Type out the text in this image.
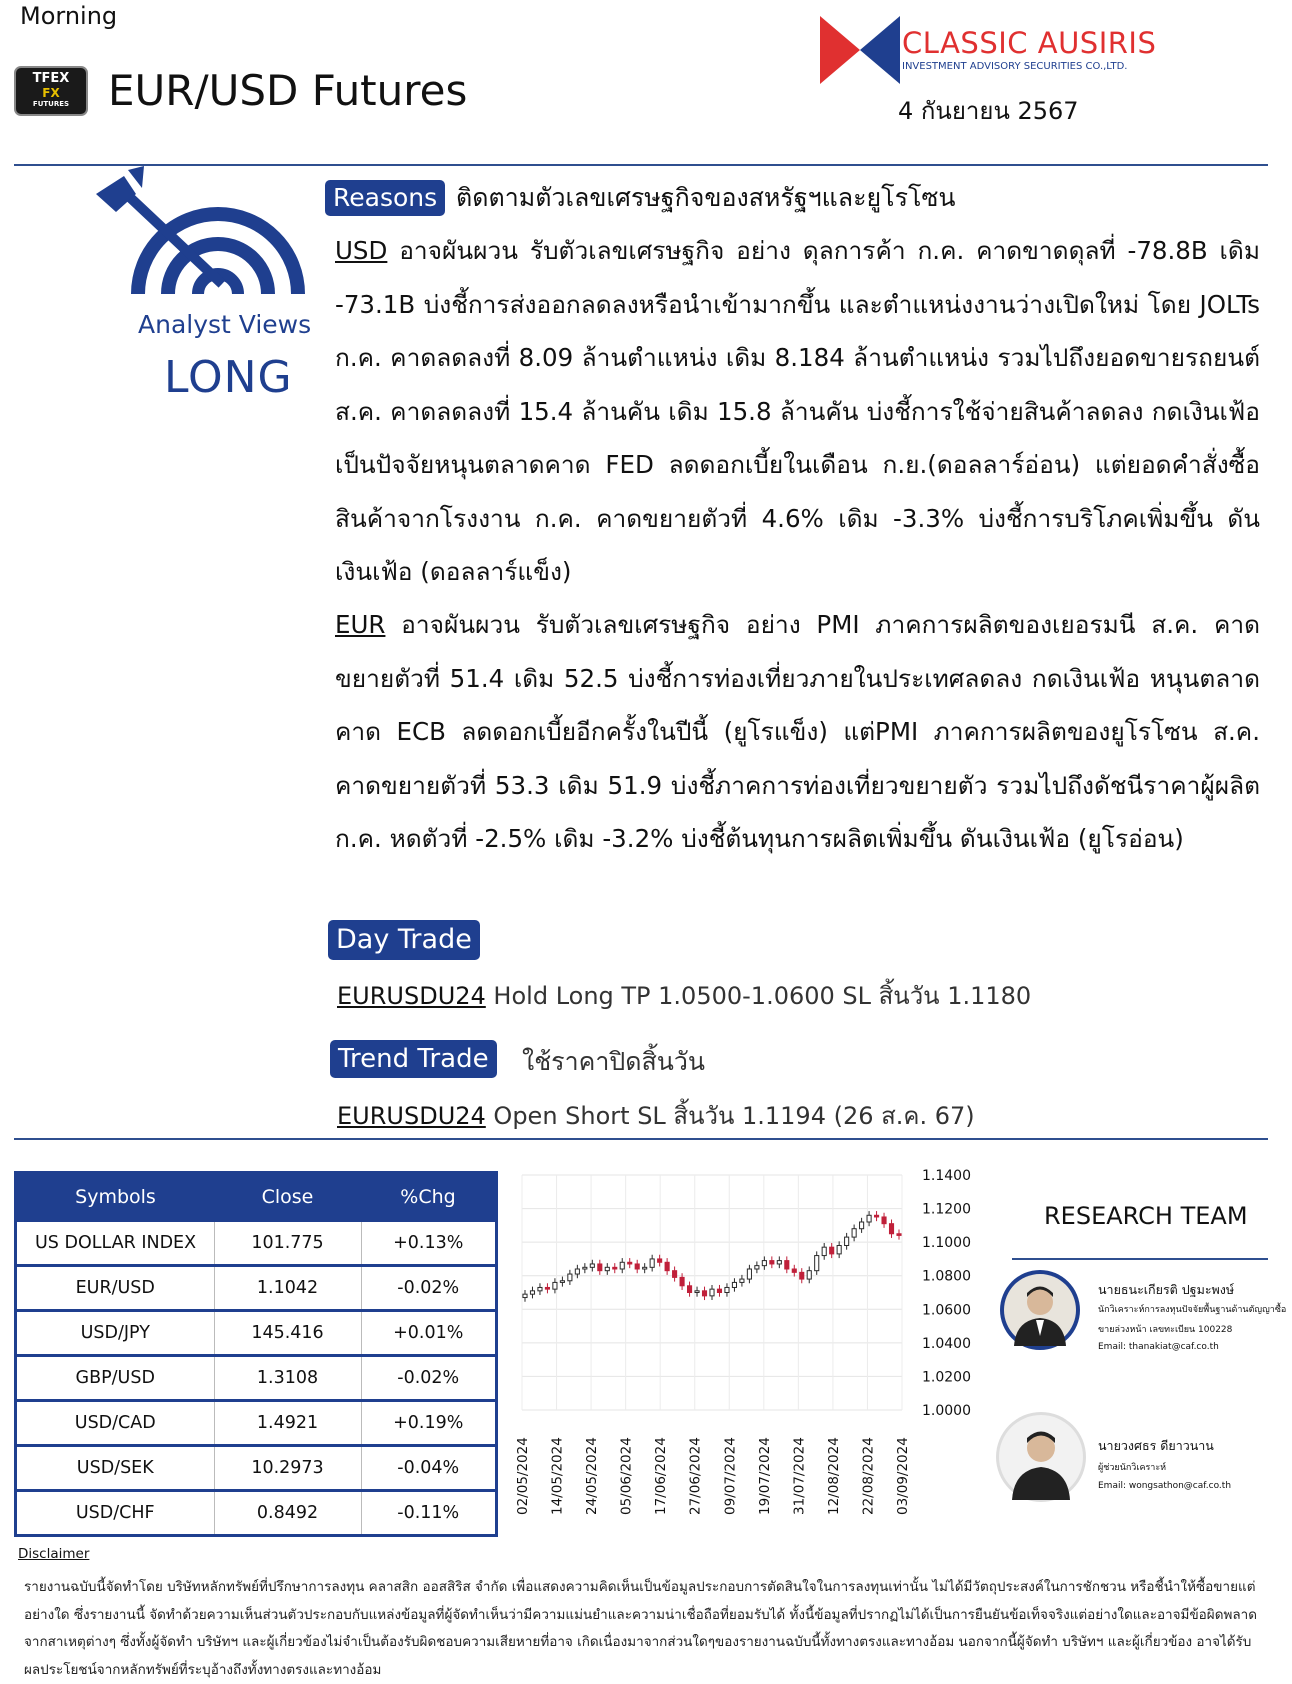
Morning
TFEX
FX
FUTURES EUR/USD Futures
CLASSIC AUSIRIS
INVESTMENT ADVISORY SECURITIES CO.,LTD.
4 กันยายน 2567
Analyst Views
LONG
Reasons ติดตามตัวเลขเศรษฐกิจของสหรัฐฯและยูโรโซน
USD อาจผันผวน รับตัวเลขเศรษฐกิจ อย่าง ดุลการค้า ก.ค. คาดขาดดุลที่ -78.8B เดิม -73.1B บ่งชี้การส่งออกลดลงหรือนำเข้ามากขึ้น และตำแหน่งงานว่างเปิดใหม่ โดย JOLTs ก.ค. คาดลดลงที่ 8.09 ล้านตำแหน่ง เดิม 8.184 ล้านตำแหน่ง รวมไปถึงยอดขายรถยนต์ ส.ค. คาดลดลงที่ 15.4 ล้านคัน เดิม 15.8 ล้านคัน บ่งชี้การใช้จ่ายสินค้าลดลง กดเงินเฟ้อ เป็นปัจจัยหนุนตลาดคาด FED ลดดอกเบี้ยในเดือน ก.ย.(ดอลลาร์อ่อน) แต่ยอดคำสั่งซื้อสินค้าจากโรงงาน ก.ค. คาดขยายตัวที่ 4.6% เดิม -3.3% บ่งชี้การบริโภคเพิ่มขึ้น ดันเงินเฟ้อ (ดอลลาร์แข็ง)
EUR อาจผันผวน รับตัวเลขเศรษฐกิจ อย่าง PMI ภาคการผลิตของเยอรมนี ส.ค. คาดขยายตัวที่ 51.4 เดิม 52.5 บ่งชี้การท่องเที่ยวภายในประเทศลดลง กดเงินเฟ้อ หนุนตลาดคาด ECB ลดดอกเบี้ยอีกครั้งในปีนี้ (ยูโรแข็ง) แต่PMI ภาคการผลิตของยูโรโซน ส.ค. คาดขยายตัวที่ 53.3 เดิม 51.9 บ่งชี้ภาคการท่องเที่ยวขยายตัว รวมไปถึงดัชนีราคาผู้ผลิต ก.ค. หดตัวที่ -2.5% เดิม -3.2% บ่งชี้ต้นทุนการผลิตเพิ่มขึ้น ดันเงินเฟ้อ (ยูโรอ่อน)
Day Trade
EURUSDU24 Hold Long TP 1.0500-1.0600 SL สิ้นวัน 1.1180
Trend Trade	ใช้ราคาปิดสิ้นวัน
EURUSDU24 Open Short SL สิ้นวัน 1.1194 (26 ส.ค. 67)
Symbols	Close	%Chg
US DOLLAR INDEX	101.775	+0.13%
EUR/USD	1.1042	-0.02%
USD/JPY	145.416	+0.01%
GBP/USD	1.3108	-0.02%
USD/CAD	1.4921	+0.19%
USD/SEK	10.2973	-0.04%
USD/CHF	0.8492	-0.11%
1.1400
1.1200
1.1000
1.0800
1.0600
1.0400
1.0200
1.0000
02/05/2024 14/05/2024 24/05/2024 05/06/2024 17/06/2024 27/06/2024 09/07/2024 19/07/2024 31/07/2024 12/08/2024 22/08/2024 03/09/2024
RESEARCH TEAM
นายธนะเกียรติ ปฐมะพงษ์
นักวิเคราะห์การลงทุนปัจจัยพื้นฐานด้านตัญญาซื้อ
ขายล่วงหน้า เลขทะเบียน 100228
Email: thanakiat@caf.co.th
นายวงศธร ดียาวนาน
ผู้ช่วยนักวิเคราะห์
Email: wongsathon@caf.co.th
Disclaimer
รายงานฉบับนี้จัดทำโดย บริษัทหลักทรัพย์ที่ปรึกษาการลงทุน คลาสสิก ออสสิริส จำกัด เพื่อแสดงความคิดเห็นเป็นข้อมูลประกอบการตัดสินใจในการลงทุนเท่านั้น ไม่ได้มีวัตถุประสงค์ในการชักชวน หรือชี้นำให้ซื้อขายแต่อย่างใด ซึ่งรายงานนี้ จัดทำด้วยความเห็นส่วนตัวประกอบกับแหล่งข้อมูลที่ผู้จัดทำเห็นว่ามีความแม่นยำและความน่าเชื่อถือที่ยอมรับได้ ทั้งนี้ข้อมูลที่ปรากฏไม่ได้เป็นการยืนยันข้อเท็จจริงแต่อย่างใดและอาจมีข้อผิดพลาดจากสาเหตุต่างๆ ซึ่งทั้งผู้จัดทำ บริษัทฯ และผู้เกี่ยวข้องไม่จำเป็นต้องรับผิดชอบความเสียหายที่อาจ เกิดเนื่องมาจากส่วนใดๆของรายงานฉบับนี้ทั้งทางตรงและทางอ้อม นอกจากนี้ผู้จัดทำ บริษัทฯ และผู้เกี่ยวข้อง อาจได้รับผลประโยชน์จากหลักทรัพย์ที่ระบุอ้างถึงทั้งทางตรงและทางอ้อม
